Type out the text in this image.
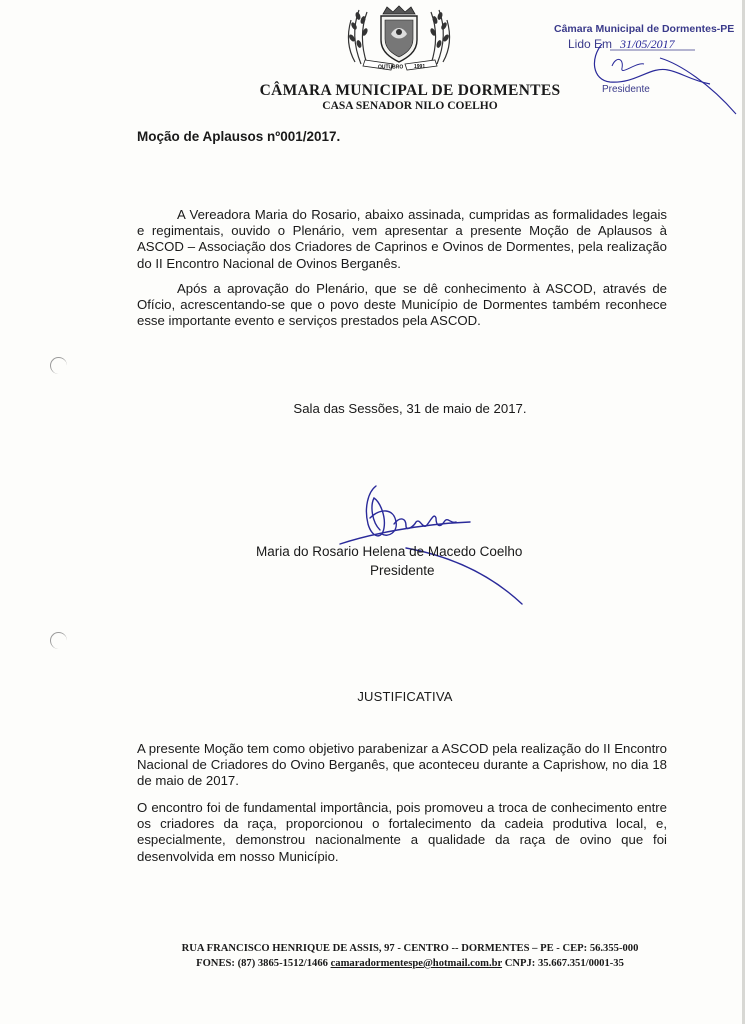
OUTUBRO 1991
Câmara Municipal de Dormentes-PE
Lido Em 31/05/2017
Presidente
CÂMARA MUNICIPAL DE DORMENTES
CASA SENADOR NILO COELHO
Moção de Aplausos nº001/2017.

A Vereadora Maria do Rosario, abaixo assinada, cumpridas as formalidades legais e regimentais, ouvido o Plenário, vem apresentar a presente Moção de Aplausos à ASCOD – Associação dos Criadores de Caprinos e Ovinos de Dormentes, pela realização do II Encontro Nacional de Ovinos Berganês.

Após a aprovação do Plenário, que se dê conhecimento à ASCOD, através de Ofício, acrescentando-se que o povo deste Município de Dormentes também reconhece esse importante evento e serviços prestados pela ASCOD.

Sala das Sessões, 31 de maio de 2017.
Maria do Rosario Helena de Macedo Coelho
Presidente
JUSTIFICATIVA

A presente Moção tem como objetivo parabenizar a ASCOD pela realização do II Encontro Nacional de Criadores do Ovino Berganês, que aconteceu durante a Caprishow, no dia 18 de maio de 2017.

O encontro foi de fundamental importância, pois promoveu a troca de conhecimento entre os criadores da raça, proporcionou o fortalecimento da cadeia produtiva local, e, especialmente, demonstrou nacionalmente a qualidade da raça de ovino que foi desenvolvida em nosso Município.

RUA FRANCISCO HENRIQUE DE ASSIS, 97 - CENTRO -- DORMENTES – PE - CEP: 56.355-000
FONES: (87) 3865-1512/1466 camaradormentespe@hotmail.com.br CNPJ: 35.667.351/0001-35
